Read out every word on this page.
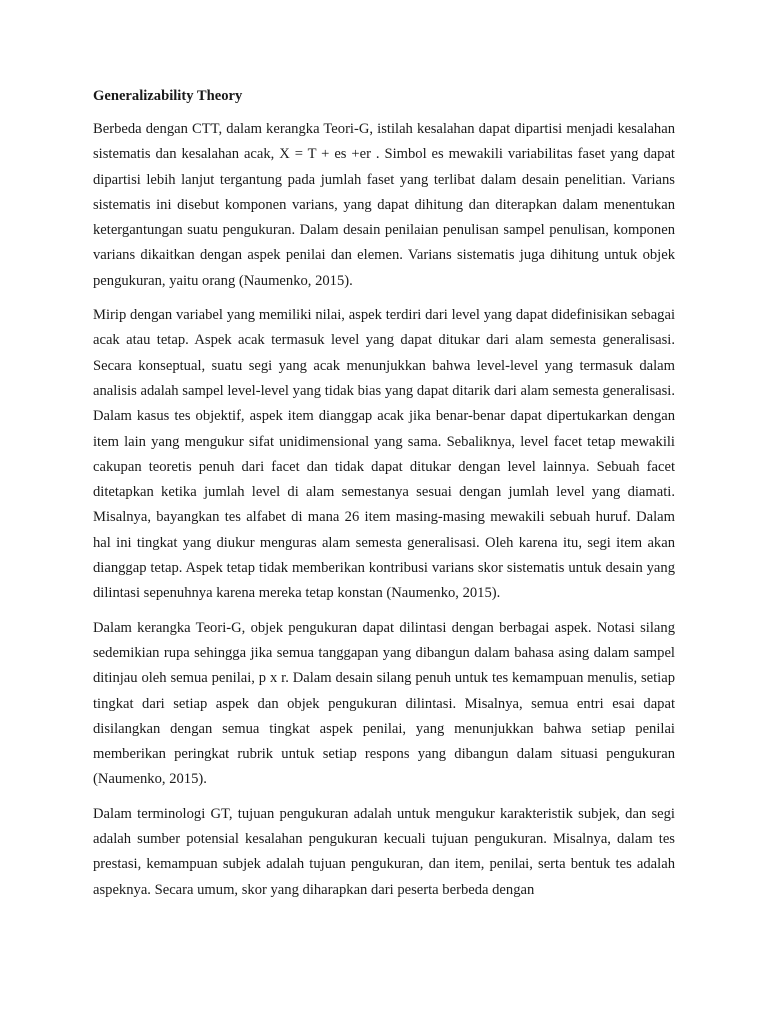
Generalizability Theory

Berbeda dengan CTT, dalam kerangka Teori-G, istilah kesalahan dapat dipartisi menjadi kesalahan sistematis dan kesalahan acak, X = T + es +er . Simbol es mewakili variabilitas faset yang dapat dipartisi lebih lanjut tergantung pada jumlah faset yang terlibat dalam desain penelitian. Varians sistematis ini disebut komponen varians, yang dapat dihitung dan diterapkan dalam menentukan ketergantungan suatu pengukuran. Dalam desain penilaian penulisan sampel penulisan, komponen varians dikaitkan dengan aspek penilai dan elemen. Varians sistematis juga dihitung untuk objek pengukuran, yaitu orang (Naumenko, 2015).

Mirip dengan variabel yang memiliki nilai, aspek terdiri dari level yang dapat didefinisikan sebagai acak atau tetap. Aspek acak termasuk level yang dapat ditukar dari alam semesta generalisasi. Secara konseptual, suatu segi yang acak menunjukkan bahwa level-level yang termasuk dalam analisis adalah sampel level-level yang tidak bias yang dapat ditarik dari alam semesta generalisasi. Dalam kasus tes objektif, aspek item dianggap acak jika benar-benar dapat dipertukarkan dengan item lain yang mengukur sifat unidimensional yang sama. Sebaliknya, level facet tetap mewakili cakupan teoretis penuh dari facet dan tidak dapat ditukar dengan level lainnya. Sebuah facet ditetapkan ketika jumlah level di alam semestanya sesuai dengan jumlah level yang diamati. Misalnya, bayangkan tes alfabet di mana 26 item masing-masing mewakili sebuah huruf. Dalam hal ini tingkat yang diukur menguras alam semesta generalisasi. Oleh karena itu, segi item akan dianggap tetap. Aspek tetap tidak memberikan kontribusi varians skor sistematis untuk desain yang dilintasi sepenuhnya karena mereka tetap konstan (Naumenko, 2015).

Dalam kerangka Teori-G, objek pengukuran dapat dilintasi dengan berbagai aspek. Notasi silang sedemikian rupa sehingga jika semua tanggapan yang dibangun dalam bahasa asing dalam sampel ditinjau oleh semua penilai, p x r. Dalam desain silang penuh untuk tes kemampuan menulis, setiap tingkat dari setiap aspek dan objek pengukuran dilintasi. Misalnya, semua entri esai dapat disilangkan dengan semua tingkat aspek penilai, yang menunjukkan bahwa setiap penilai memberikan peringkat rubrik untuk setiap respons yang dibangun dalam situasi pengukuran (Naumenko, 2015).

Dalam terminologi GT, tujuan pengukuran adalah untuk mengukur karakteristik subjek, dan segi adalah sumber potensial kesalahan pengukuran kecuali tujuan pengukuran. Misalnya, dalam tes prestasi, kemampuan subjek adalah tujuan pengukuran, dan item, penilai, serta bentuk tes adalah aspeknya. Secara umum, skor yang diharapkan dari peserta berbeda dengan
